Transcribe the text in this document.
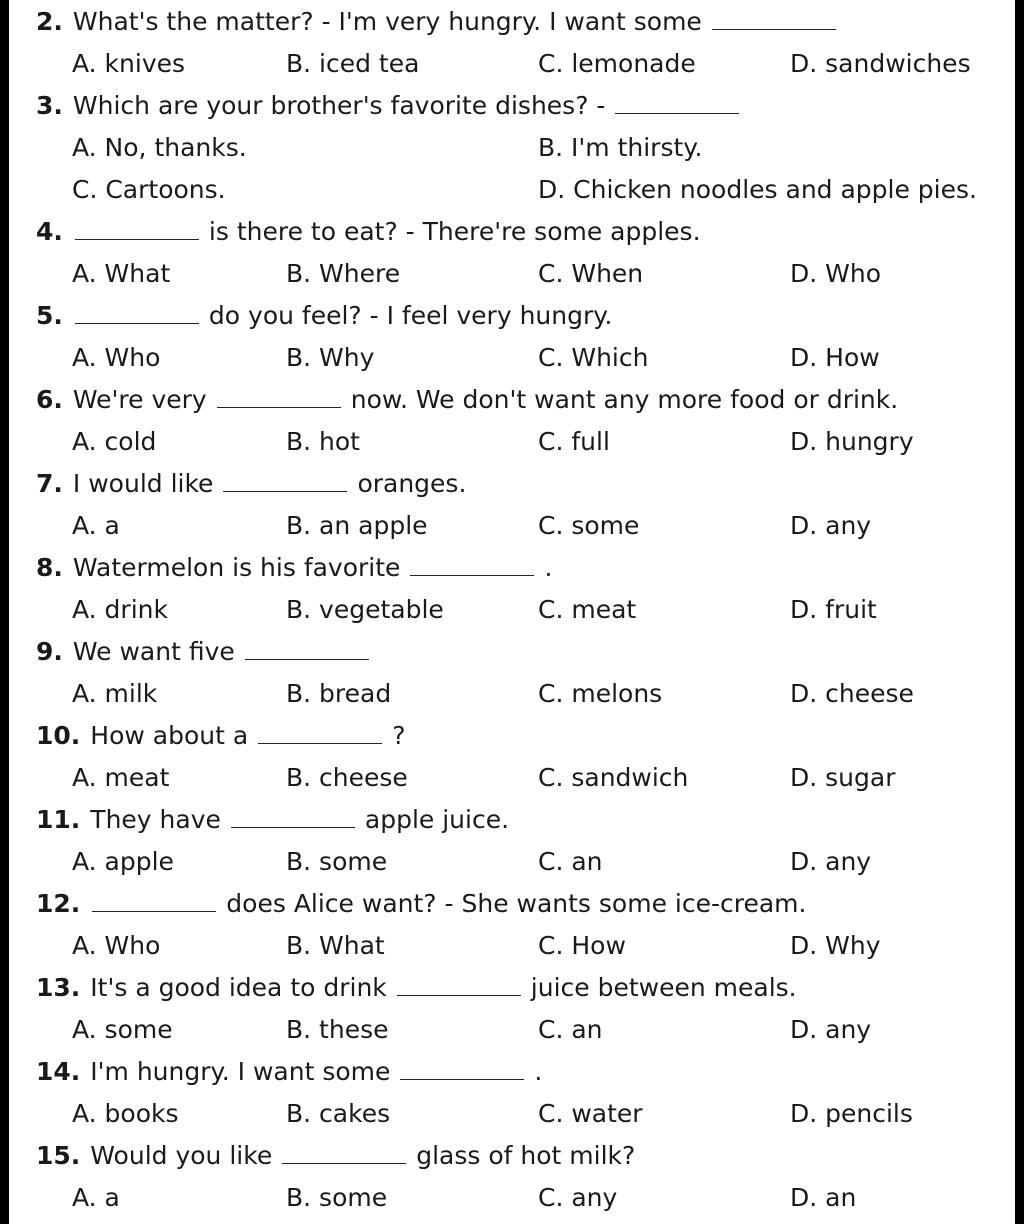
2. What's the matter? - I'm very hungry. I want some
A. knives	B. iced tea	C. lemonade	D. sandwiches
3. Which are your brother's favorite dishes? -
A. No, thanks.	B. I'm thirsty.
C. Cartoons.	D. Chicken noodles and apple pies.
4.	is there to eat? - There're some apples.
A. What	B. Where	C. When	D. Who
5.	do you feel? - I feel very hungry.
A. Who	B. Why	C. Which	D. How
6. We're very	now. We don't want any more food or drink.
A. cold	B. hot	C. full	D. hungry
7. I would like	oranges.
A. a	B. an apple	C. some	D. any
8. Watermelon is his favorite	.
A. drink	B. vegetable	C. meat	D. fruit
9. We want five
A. milk	B. bread	C. melons	D. cheese
10. How about a	?
A. meat	B. cheese	C. sandwich	D. sugar
11. They have	apple juice.
A. apple	B. some	C. an	D. any
12.	does Alice want? - She wants some ice-cream.
A. Who	B. What	C. How	D. Why
13. It's a good idea to drink	juice between meals.
A. some	B. these	C. an	D. any
14. I'm hungry. I want some	.
A. books	B. cakes	C. water	D. pencils
15. Would you like	glass of hot milk?
A. a	B. some	C. any	D. an
